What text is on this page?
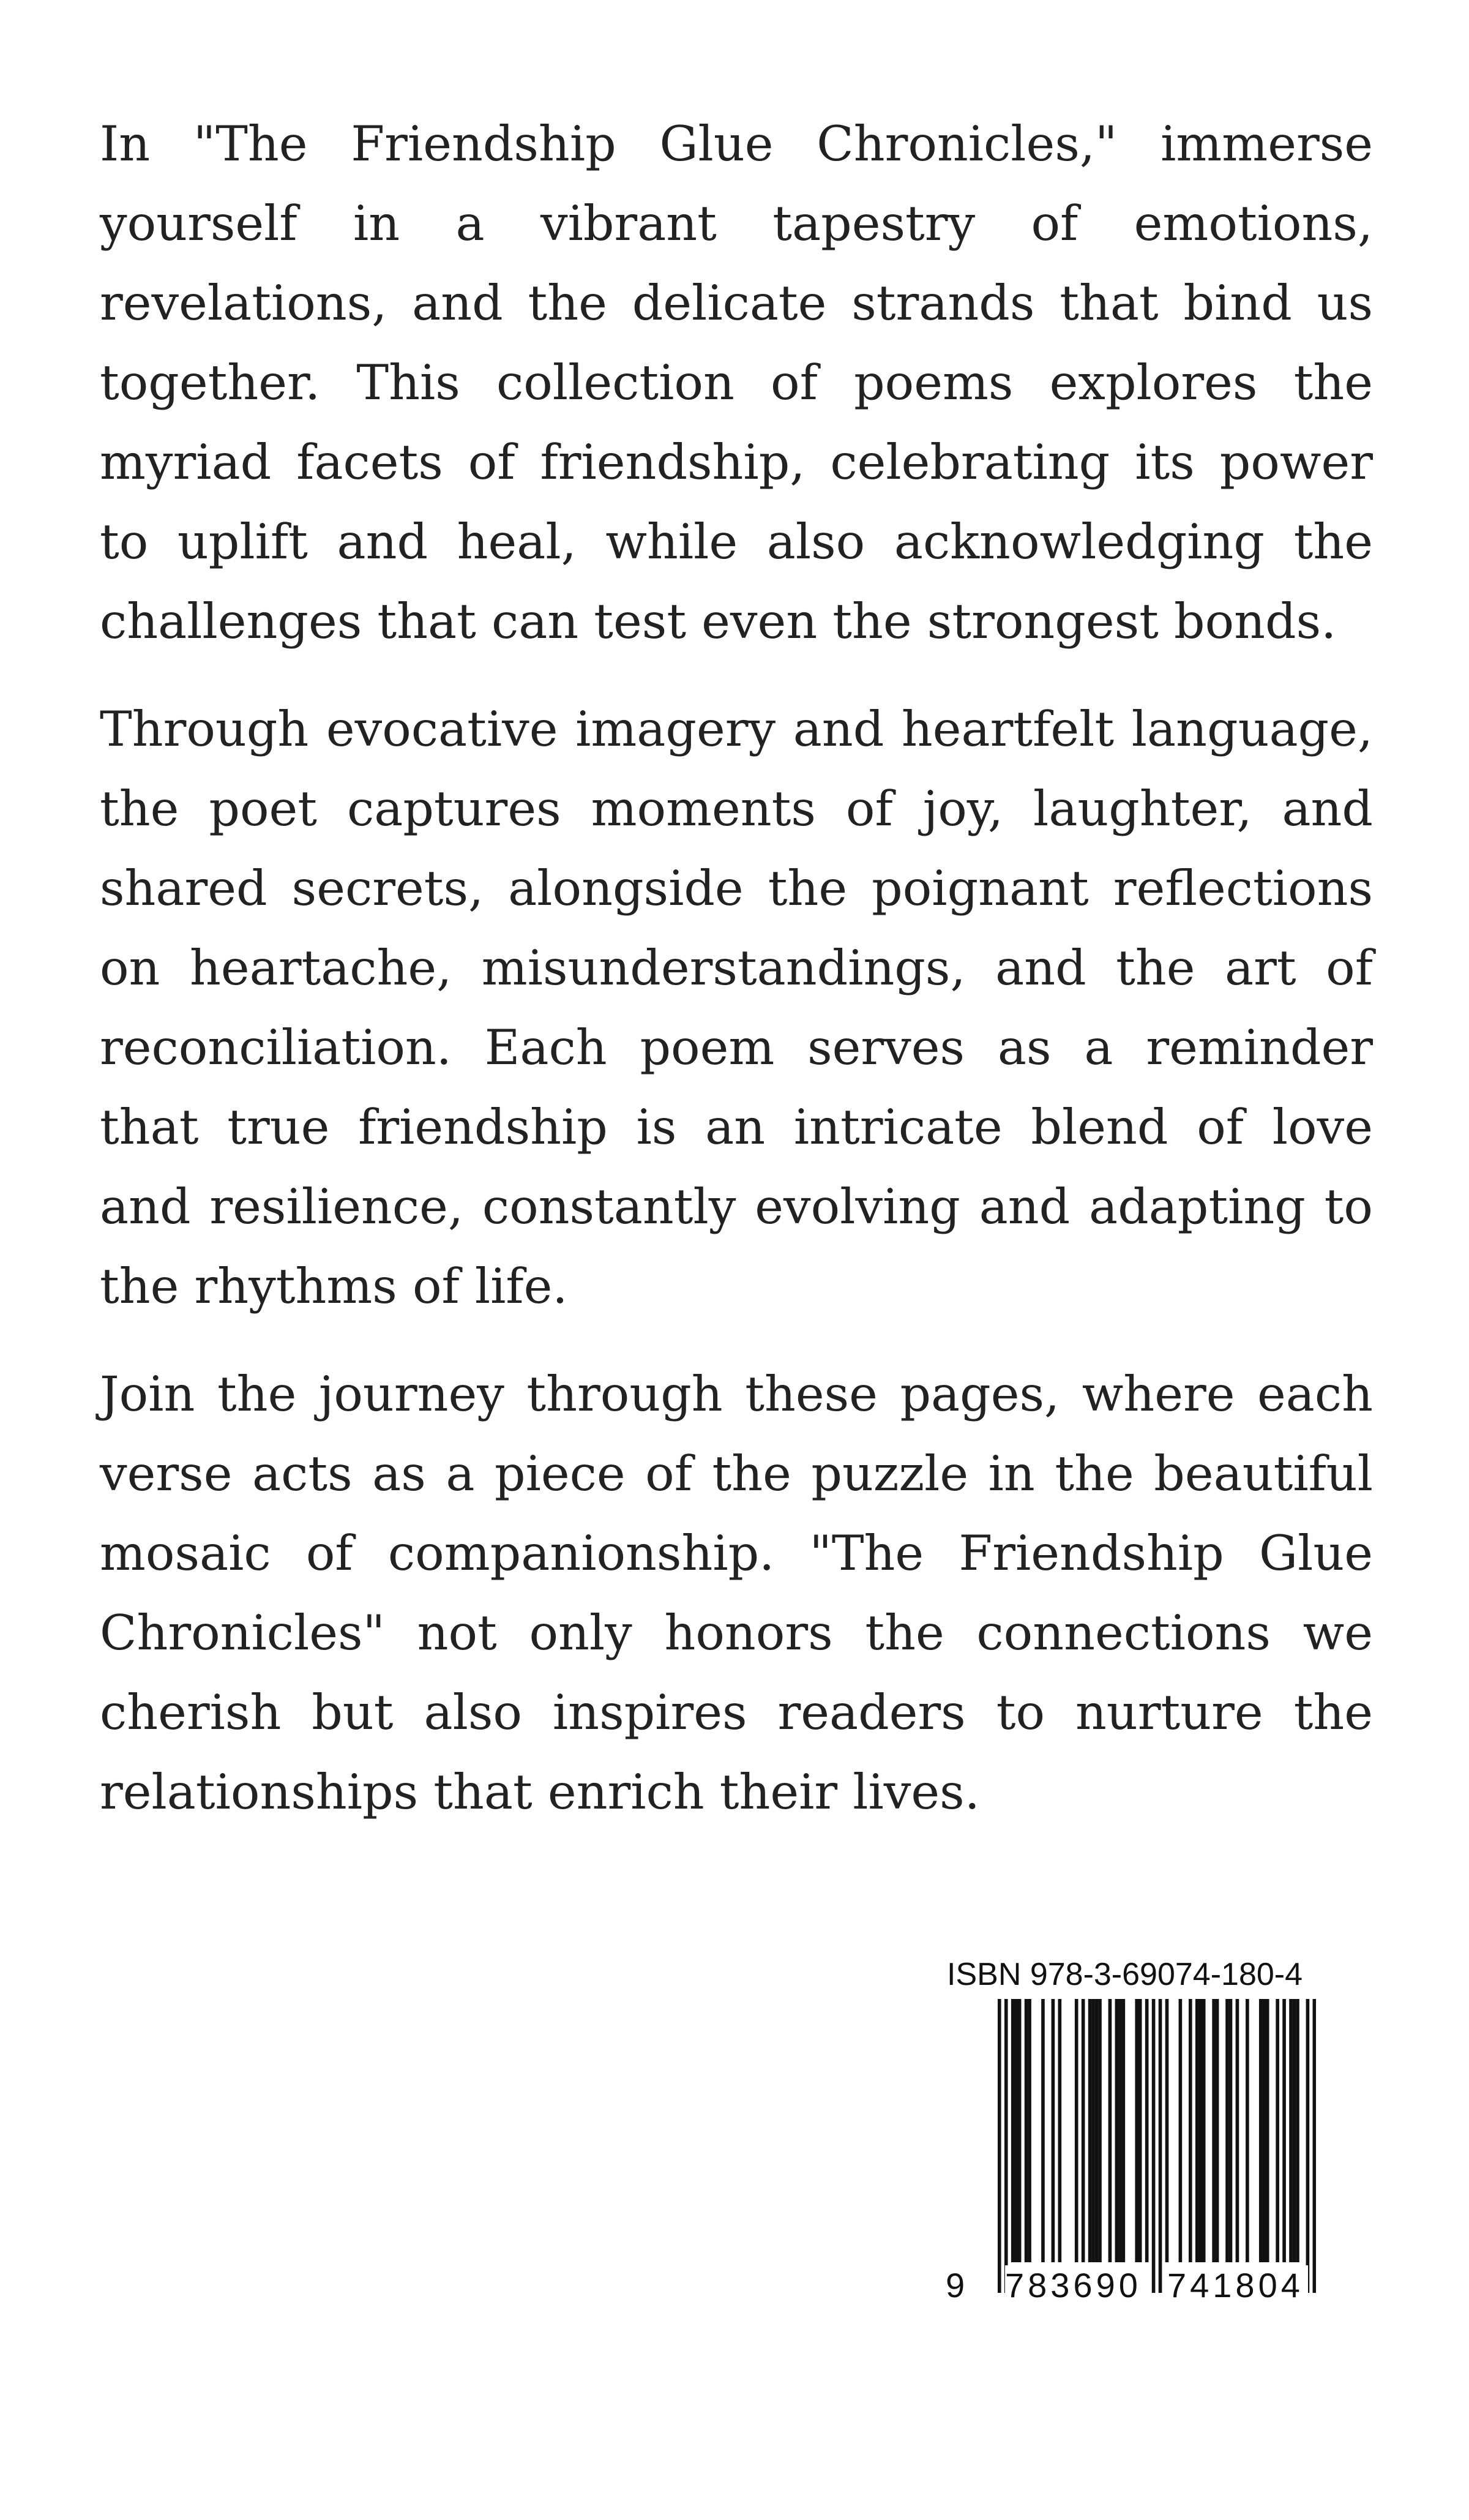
In "The Friendship Glue Chronicles," immerse yourself in a vibrant tapestry of emotions, revelations, and the delicate strands that bind us together. This collection of poems explores the myriad facets of friendship, celebrating its power to uplift and heal, while also acknowledging the challenges that can test even the strongest bonds.

Through evocative imagery and heartfelt language, the poet captures moments of joy, laughter, and shared secrets, alongside the poignant reflections on heartache, misunderstandings, and the art of reconciliation. Each poem serves as a reminder that true friendship is an intricate blend of love and resilience, constantly evolving and adapting to the rhythms of life.

Join the journey through these pages, where each verse acts as a piece of the puzzle in the beautiful mosaic of companionship. "The Friendship Glue Chronicles" not only honors the connections we cherish but also inspires readers to nurture the relationships that enrich their lives.

ISBN 978-3-69074-180-4
9 783690 741804
